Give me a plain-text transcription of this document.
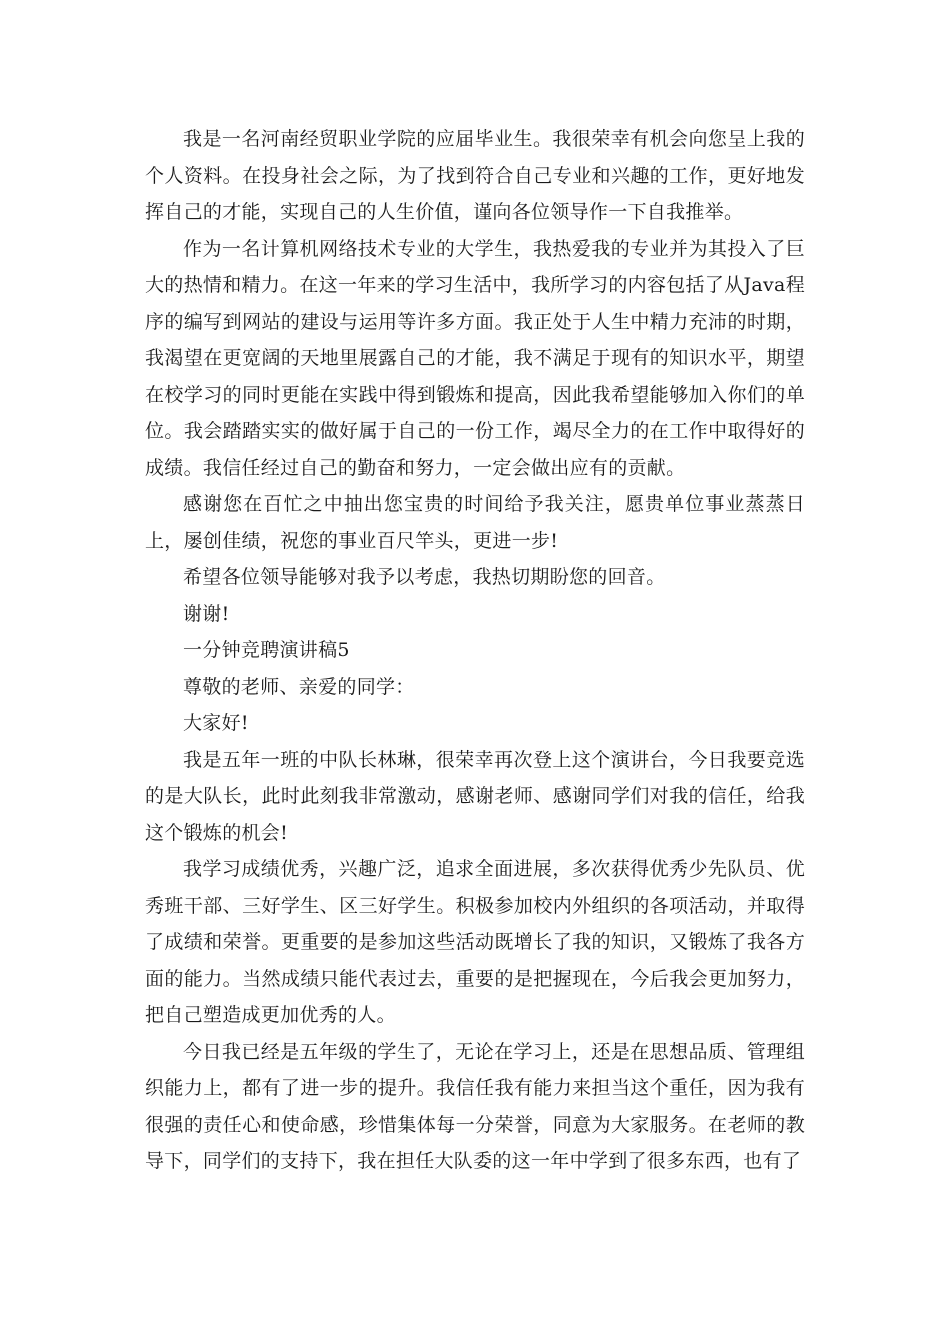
我是一名河南经贸职业学院的应届毕业生。我很荣幸有机会向您呈上我的个人资料。在投身社会之际，为了找到符合自己专业和兴趣的工作，更好地发挥自己的才能，实现自己的人生价值，谨向各位领导作一下自我推举。

作为一名计算机网络技术专业的大学生，我热爱我的专业并为其投入了巨大的热情和精力。在这一年来的学习生活中，我所学习的内容包括了从Java程序的编写到网站的建设与运用等许多方面。我正处于人生中精力充沛的时期，我渴望在更宽阔的天地里展露自己的才能，我不满足于现有的知识水平，期望在校学习的同时更能在实践中得到锻炼和提高，因此我希望能够加入你们的单位。我会踏踏实实的做好属于自己的一份工作，竭尽全力的在工作中取得好的成绩。我信任经过自己的勤奋和努力，一定会做出应有的贡献。

感谢您在百忙之中抽出您宝贵的时间给予我关注，愿贵单位事业蒸蒸日上，屡创佳绩，祝您的事业百尺竿头，更进一步!

希望各位领导能够对我予以考虑，我热切期盼您的回音。

谢谢!

一分钟竞聘演讲稿5

尊敬的老师、亲爱的同学：

大家好!

我是五年一班的中队长林琳，很荣幸再次登上这个演讲台，今日我要竞选的是大队长，此时此刻我非常激动，感谢老师、感谢同学们对我的信任，给我这个锻炼的机会!

我学习成绩优秀，兴趣广泛，追求全面进展，多次获得优秀少先队员、优秀班干部、三好学生、区三好学生。积极参加校内外组织的各项活动，并取得了成绩和荣誉。更重要的是参加这些活动既增长了我的知识，又锻炼了我各方面的能力。当然成绩只能代表过去，重要的是把握现在，今后我会更加努力，把自己塑造成更加优秀的人。

今日我已经是五年级的学生了，无论在学习上，还是在思想品质、管理组织能力上，都有了进一步的提升。我信任我有能力来担当这个重任，因为我有很强的责任心和使命感，珍惜集体每一分荣誉，同意为大家服务。在老师的教导下，同学们的支持下，我在担任大队委的这一年中学到了很多东西，也有了
